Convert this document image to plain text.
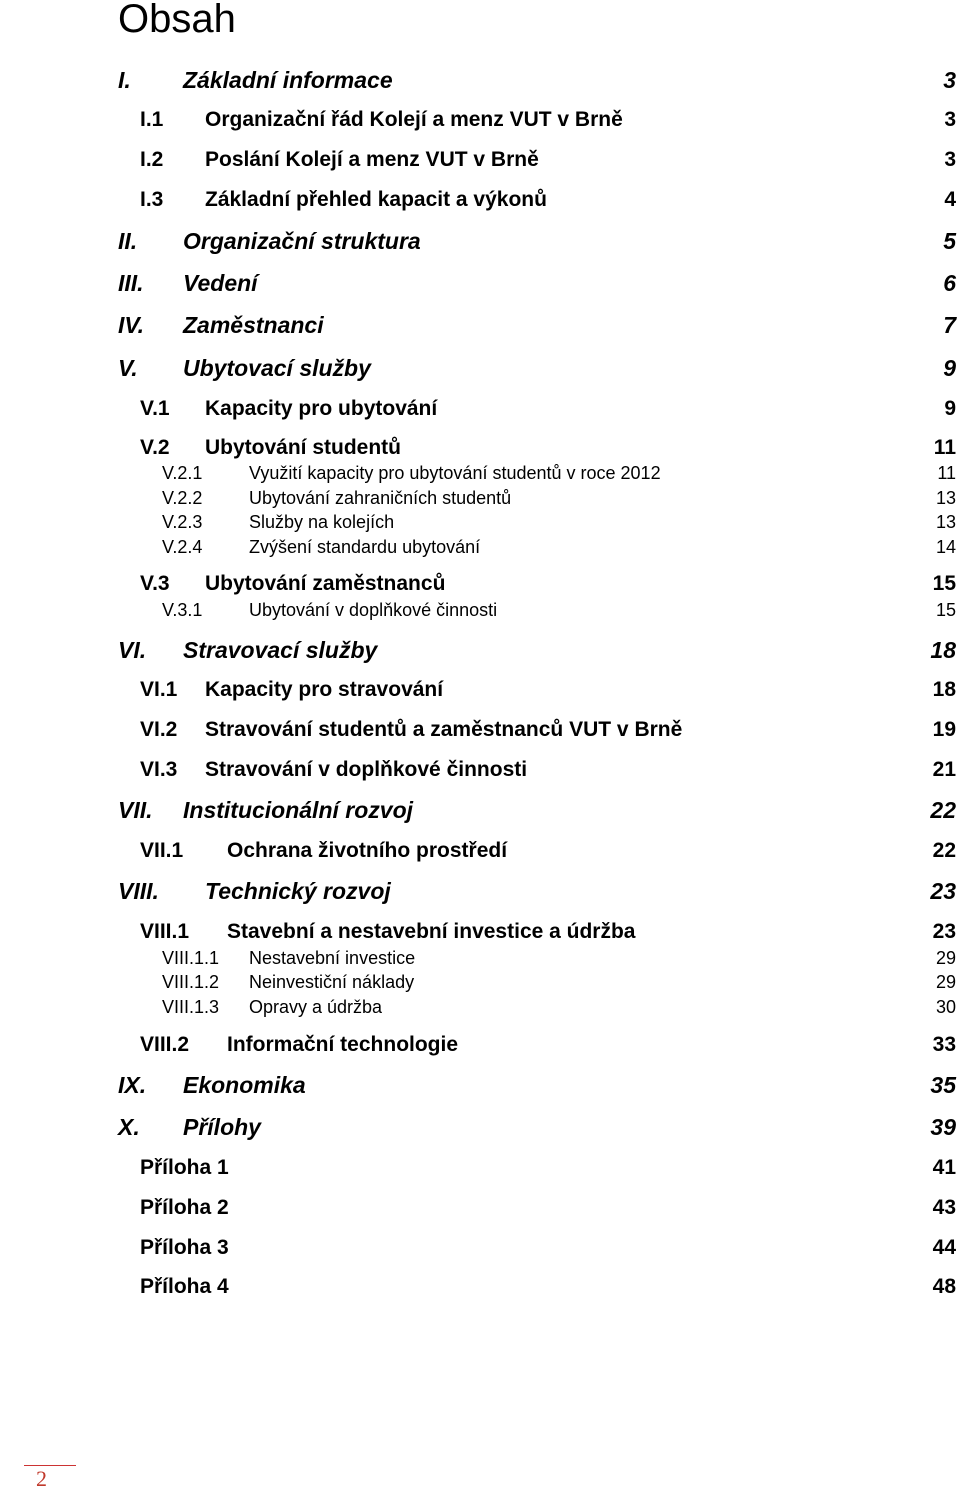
Obsah
I. Základní informace	3
I.1 Organizační řád Kolejí a menz VUT v Brně	3
I.2 Poslání Kolejí a menz VUT v Brně	3
I.3 Základní přehled kapacit a výkonů	4
II. Organizační struktura	5
III. Vedení	6
IV. Zaměstnanci	7
V. Ubytovací služby	9
V.1 Kapacity pro ubytování	9
V.2 Ubytování studentů	11
V.2.1	Využití kapacity pro ubytování studentů v roce 2012	11
V.2.2	Ubytování zahraničních studentů	13
V.2.3	Služby na kolejích	13
V.2.4	Zvýšení standardu ubytování	14
V.3 Ubytování zaměstnanců	15
V.3.1	Ubytování v doplňkové činnosti	15
VI. Stravovací služby	18
VI.1 Kapacity pro stravování	18
VI.2 Stravování studentů a zaměstnanců VUT v Brně	19
VI.3 Stravování v doplňkové činnosti	21
VII. Institucionální rozvoj	22
VII.1 Ochrana životního prostředí	22
VIII. Technický rozvoj	23
VIII.1 Stavební a nestavební investice a údržba	23
VIII.1.1 Nestavební investice	29
VIII.1.2 Neinvestiční náklady	29
VIII.1.3 Opravy a údržba	30
VIII.2 Informační technologie	33
IX. Ekonomika	35
X. Přílohy	39
Příloha 1	41
Příloha 2	43
Příloha 3	44
Příloha 4	48
2
